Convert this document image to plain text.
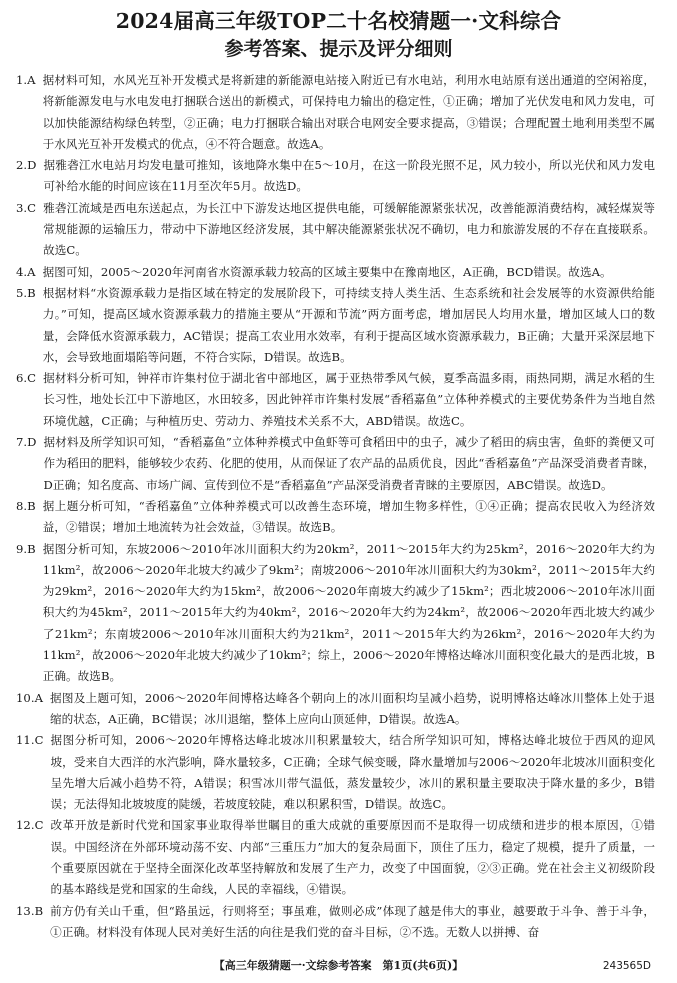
2024届高三年级TOP二十名校猜题一·文科综合
参考答案、提示及评分细则
1.A 据材料可知，水风光互补开发模式是将新建的新能源电站接入附近已有水电站，利用水电站原有送出通道的空闲裕度，将新能源发电与水电发电打捆联合送出的新模式，可保持电力输出的稳定性，①正确；增加了光伏发电和风力发电，可以加快能源结构绿色转型，②正确；电力打捆联合输出对联合电网安全要求提高，③错误；合理配置土地利用类型不属于水风光互补开发模式的优点，④不符合题意。故选A。
2.D 据雅砻江水电站月均发电量可推知，该地降水集中在5～10月，在这一阶段光照不足，风力较小，所以光伏和风力发电可补给水能的时间应该在11月至次年5月。故选D。
3.C 雅砻江流域是西电东送起点，为长江中下游发达地区提供电能，可缓解能源紧张状况，改善能源消费结构，减轻煤炭等常规能源的运输压力，带动中下游地区经济发展，其中解决能源紧张状况不确切，电力和旅游发展的不存在直接联系。故选C。
4.A 据图可知，2005～2020年河南省水资源承载力较高的区域主要集中在豫南地区，A正确，BCD错误。故选A。
5.B 根据材料“水资源承载力是指区域在特定的发展阶段下，可持续支持人类生活、生态系统和社会发展等的水资源供给能力。”可知，提高区域水资源承载力的措施主要从“开源和节流”两方面考虑，增加居民人均用水量，增加区域人口的数量，会降低水资源承载力，AC错误；提高工农业用水效率，有利于提高区域水资源承载力，B正确；大量开采深层地下水，会导致地面塌陷等问题，不符合实际，D错误。故选B。
6.C 据材料分析可知，钟祥市许集村位于湖北省中部地区，属于亚热带季风气候，夏季高温多雨，雨热同期，满足水稻的生长习性，地处长江中下游地区，水田较多，因此钟祥市许集村发展“香稻嘉鱼”立体种养模式的主要优势条件为当地自然环境优越，C正确；与种植历史、劳动力、养殖技术关系不大，ABD错误。故选C。
7.D 据材料及所学知识可知，“香稻嘉鱼”立体种养模式中鱼虾等可食稻田中的虫子，减少了稻田的病虫害，鱼虾的粪便又可作为稻田的肥料，能够较少农药、化肥的使用，从而保证了农产品的品质优良，因此“香稻嘉鱼”产品深受消费者青睐，D正确；知名度高、市场广阔、宣传到位不是“香稻嘉鱼”产品深受消费者青睐的主要原因，ABC错误。故选D。
8.B 据上题分析可知，“香稻嘉鱼”立体种养模式可以改善生态环境，增加生物多样性，①④正确；提高农民收入为经济效益，②错误；增加土地流转为社会效益，③错误。故选B。
9.B 据图分析可知，东坡2006～2010年冰川面积大约为20km²，2011～2015年大约为25km²，2016～2020年大约为11km²，故2006～2020年北坡大约减少了9km²；南坡2006～2010年冰川面积大约为30km²，2011～2015年大约为29km²，2016～2020年大约为15km²，故2006～2020年南坡大约减少了15km²；西北坡2006～2010年冰川面积大约为45km²，2011～2015年大约为40km²，2016～2020年大约为24km²，故2006～2020年西北坡大约减少了21km²；东南坡2006～2010年冰川面积大约为21km²，2011～2015年大约为26km²，2016～2020年大约为11km²，故2006～2020年北坡大约减少了10km²；综上，2006～2020年博格达峰冰川面积变化最大的是西北坡，B正确。故选B。
10.A 据图及上题可知，2006～2020年间博格达峰各个朝向上的冰川面积均呈减小趋势，说明博格达峰冰川整体上处于退缩的状态，A正确，BC错误；冰川退缩，整体上应向山顶延伸，D错误。故选A。
11.C 据图分析可知，2006～2020年博格达峰北坡冰川积累量较大，结合所学知识可知，博格达峰北坡位于西风的迎风坡，受来自大西洋的水汽影响，降水量较多，C正确；全球气候变暖，降水量增加与2006～2020年北坡冰川面积变化呈先增大后减小趋势不符，A错误；积雪冰川带气温低，蒸发量较少，冰川的累积量主要取决于降水量的多少，B错误；无法得知北坡坡度的陡缓，若坡度较陡，难以积累积雪，D错误。故选C。
12.C 改革开放是新时代党和国家事业取得举世瞩目的重大成就的重要原因而不是取得一切成绩和进步的根本原因，①错误。中国经济在外部环境动荡不安、内部“三重压力”加大的复杂局面下，顶住了压力，稳定了规模，提升了质量，一个重要原因就在于坚持全面深化改革坚持解放和发展了生产力，改变了中国面貌，②③正确。党在社会主义初级阶段的基本路线是党和国家的生命线，人民的幸福线，④错误。
13.B 前方仍有关山千重，但“路虽远，行则将至；事虽难，做则必成”体现了越是伟大的事业，越要敢于斗争、善于斗争，①正确。材料没有体现人民对美好生活的向往是我们党的奋斗目标，②不选。无数人以拼搏、奋
【高三年级猜题一·文综参考答案　第1页(共6页)】	243565D
